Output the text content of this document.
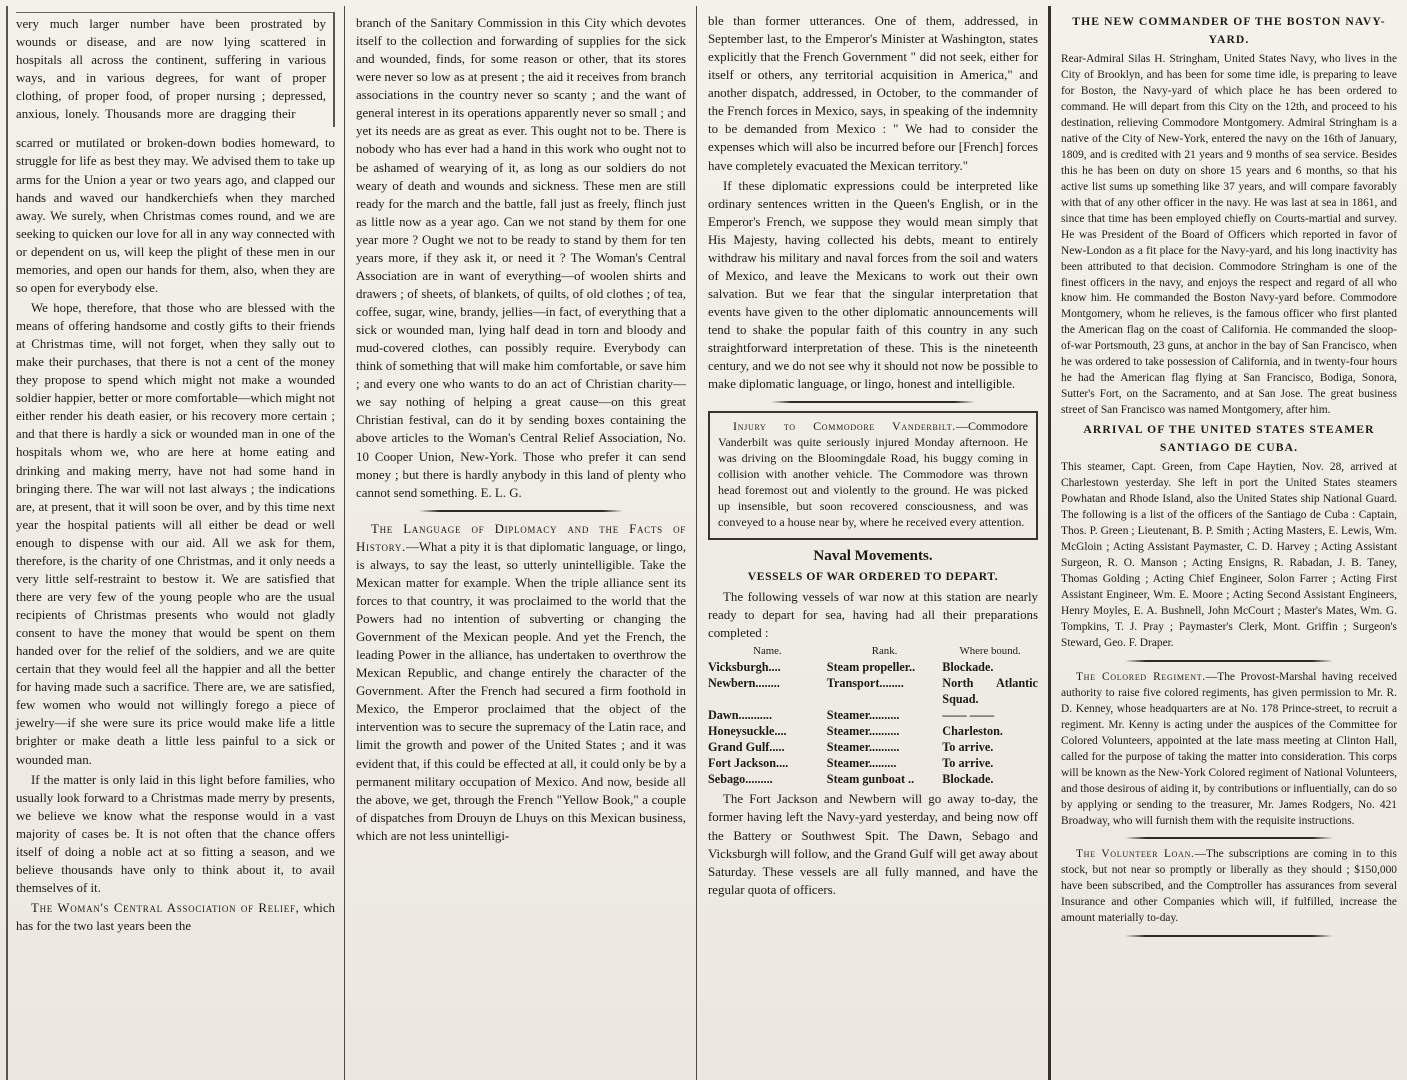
very much larger number have been prostrated by wounds or disease, and are now lying scattered in hospitals all across the continent, suffering in various ways, and in various degrees, for want of proper clothing, of proper food, of proper nursing ; depressed, anxious, lonely. Thousands more are dragging their

scarred or mutilated or broken-down bodies homeward, to struggle for life as best they may. We advised them to take up arms for the Union a year or two years ago, and clapped our hands and waved our handkerchiefs when they marched away. We surely, when Christmas comes round, and we are seeking to quicken our love for all in any way connected with or dependent on us, will keep the plight of these men in our memories, and open our hands for them, also, when they are so open for everybody else.

We hope, therefore, that those who are blessed with the means of offering handsome and costly gifts to their friends at Christmas time, will not forget, when they sally out to make their purchases, that there is not a cent of the money they propose to spend which might not make a wounded soldier happier, better or more comfortable—which might not either render his death easier, or his recovery more certain ; and that there is hardly a sick or wounded man in one of the hospitals whom we, who are here at home eating and drinking and making merry, have not had some hand in bringing there. The war will not last always ; the indications are, at present, that it will soon be over, and by this time next year the hospital patients will all either be dead or well enough to dispense with our aid. All we ask for them, therefore, is the charity of one Christmas, and it only needs a very little self-restraint to bestow it. We are satisfied that there are very few of the young people who are the usual recipients of Christmas presents who would not gladly consent to have the money that would be spent on them handed over for the relief of the soldiers, and we are quite certain that they would feel all the happier and all the better for having made such a sacrifice. There are, we are satisfied, few women who would not willingly forego a piece of jewelry—if she were sure its price would make life a little brighter or make death a little less painful to a sick or wounded man.

If the matter is only laid in this light before families, who usually look forward to a Christmas made merry by presents, we believe we know what the response would in a vast majority of cases be. It is not often that the chance offers itself of doing a noble act at so fitting a season, and we believe thousands have only to think about it, to avail themselves of it.

The Woman's Central Association of Relief, which has for the two last years been the

branch of the Sanitary Commission in this City which devotes itself to the collection and forwarding of supplies for the sick and wounded, finds, for some reason or other, that its stores were never so low as at present ; the aid it receives from branch associations in the country never so scanty ; and the want of general interest in its operations apparently never so small ; and yet its needs are as great as ever. This ought not to be. There is nobody who has ever had a hand in this work who ought not to be ashamed of wearying of it, as long as our soldiers do not weary of death and wounds and sickness. These men are still ready for the march and the battle, fall just as freely, flinch just as little now as a year ago. Can we not stand by them for one year more ? Ought we not to be ready to stand by them for ten years more, if they ask it, or need it ? The Woman's Central Association are in want of everything—of woolen shirts and drawers ; of sheets, of blankets, of quilts, of old clothes ; of tea, coffee, sugar, wine, brandy, jellies—in fact, of everything that a sick or wounded man, lying half dead in torn and bloody and mud-covered clothes, can possibly require. Everybody can think of something that will make him comfortable, or save him ; and every one who wants to do an act of Christian charity—we say nothing of helping a great cause—on this great Christian festival, can do it by sending boxes containing the above articles to the Woman's Central Relief Association, No. 10 Cooper Union, New-York. Those who prefer it can send money ; but there is hardly anybody in this land of plenty who cannot send something. E. L. G.

The Language of Diplomacy and the Facts of History.—What a pity it is that diplomatic language, or lingo, is always, to say the least, so utterly unintelligible. Take the Mexican matter for example. When the triple alliance sent its forces to that country, it was proclaimed to the world that the Powers had no intention of subverting or changing the Government of the Mexican people. And yet the French, the leading Power in the alliance, has undertaken to overthrow the Mexican Republic, and change entirely the character of the Government. After the French had secured a firm foothold in Mexico, the Emperor proclaimed that the object of the intervention was to secure the supremacy of the Latin race, and limit the growth and power of the United States ; and it was evident that, if this could be effected at all, it could only be by a permanent military occupation of Mexico. And now, beside all the above, we get, through the French "Yellow Book," a couple of dispatches from Drouyn de Lhuys on this Mexican business, which are not less unintelligi-

ble than former utterances. One of them, addressed, in September last, to the Emperor's Minister at Washington, states explicitly that the French Government " did not seek, either for itself or others, any territorial acquisition in America," and another dispatch, addressed, in October, to the commander of the French forces in Mexico, says, in speaking of the indemnity to be demanded from Mexico : " We had to consider the expenses which will also be incurred before our [French] forces have completely evacuated the Mexican territory."

If these diplomatic expressions could be interpreted like ordinary sentences written in the Queen's English, or in the Emperor's French, we suppose they would mean simply that His Majesty, having collected his debts, meant to entirely withdraw his military and naval forces from the soil and waters of Mexico, and leave the Mexicans to work out their own salvation. But we fear that the singular interpretation that events have given to the other diplomatic announcements will tend to shake the popular faith of this country in any such straightforward interpretation of these. This is the nineteenth century, and we do not see why it should not now be possible to make diplomatic language, or lingo, honest and intelligible.

Injury to Commodore Vanderbilt.—Commodore Vanderbilt was quite seriously injured Monday afternoon. He was driving on the Bloomingdale Road, his buggy coming in collision with another vehicle. The Commodore was thrown head foremost out and violently to the ground. He was picked up insensible, but soon recovered consciousness, and was conveyed to a house near by, where he received every attention.

Naval Movements.

VESSELS OF WAR ORDERED TO DEPART.

The following vessels of war now at this station are nearly ready to depart for sea, having had all their preparations completed :

Name.	Rank.	Where bound.
Vicksburgh....	Steam propeller..	Blockade.
Newbern........	Transport........	North Atlantic Squad.
Dawn...........	Steamer..........	—— ——
Honeysuckle....	Steamer..........	Charleston.
Grand Gulf.....	Steamer..........	To arrive.
Fort Jackson....	Steamer.........	To arrive.
Sebago.........	Steam gunboat ..	Blockade.

The Fort Jackson and Newbern will go away to-day, the former having left the Navy-yard yesterday, and being now off the Battery or Southwest Spit. The Dawn, Sebago and Vicksburgh will follow, and the Grand Gulf will get away about Saturday. These vessels are all fully manned, and have the regular quota of officers.

THE NEW COMMANDER OF THE BOSTON NAVY-YARD.

Rear-Admiral Silas H. Stringham, United States Navy, who lives in the City of Brooklyn, and has been for some time idle, is preparing to leave for Boston, the Navy-yard of which place he has been ordered to command. He will depart from this City on the 12th, and proceed to his destination, relieving Commodore Montgomery. Admiral Stringham is a native of the City of New-York, entered the navy on the 16th of January, 1809, and is credited with 21 years and 9 months of sea service. Besides this he has been on duty on shore 15 years and 6 months, so that his active list sums up something like 37 years, and will compare favorably with that of any other officer in the navy. He was last at sea in 1861, and since that time has been employed chiefly on Courts-martial and survey. He was President of the Board of Officers which reported in favor of New-London as a fit place for the Navy-yard, and his long inactivity has been attributed to that decision. Commodore Stringham is one of the finest officers in the navy, and enjoys the respect and regard of all who know him. He commanded the Boston Navy-yard before. Commodore Montgomery, whom he relieves, is the famous officer who first planted the American flag on the coast of California. He commanded the sloop-of-war Portsmouth, 23 guns, at anchor in the bay of San Francisco, when he was ordered to take possession of California, and in twenty-four hours he had the American flag flying at San Francisco, Bodiga, Sonora, Sutter's Fort, on the Sacramento, and at San Jose. The great business street of San Francisco was named Montgomery, after him.

ARRIVAL OF THE UNITED STATES STEAMER SANTIAGO DE CUBA.

This steamer, Capt. Green, from Cape Haytien, Nov. 28, arrived at Charlestown yesterday. She left in port the United States steamers Powhatan and Rhode Island, also the United States ship National Guard. The following is a list of the officers of the Santiago de Cuba : Captain, Thos. P. Green ; Lieutenant, B. P. Smith ; Acting Masters, E. Lewis, Wm. McGloin ; Acting Assistant Paymaster, C. D. Harvey ; Acting Assistant Surgeon, R. O. Manson ; Acting Ensigns, R. Rabadan, J. B. Taney, Thomas Golding ; Acting Chief Engineer, Solon Farrer ; Acting First Assistant Engineer, Wm. E. Moore ; Acting Second Assistant Engineers, Henry Moyles, E. A. Bushnell, John McCourt ; Master's Mates, Wm. G. Tompkins, T. J. Pray ; Paymaster's Clerk, Mont. Griffin ; Surgeon's Steward, Geo. F. Draper.

The Colored Regiment.—The Provost-Marshal having received authority to raise five colored regiments, has given permission to Mr. R. D. Kenney, whose headquarters are at No. 178 Prince-street, to recruit a regiment. Mr. Kenny is acting under the auspices of the Committee for Colored Volunteers, appointed at the late mass meeting at Clinton Hall, called for the purpose of taking the matter into consideration. This corps will be known as the New-York Colored regiment of National Volunteers, and those desirous of aiding it, by contributions or influentially, can do so by applying or sending to the treasurer, Mr. James Rodgers, No. 421 Broadway, who will furnish them with the requisite instructions.

The Volunteer Loan.—The subscriptions are coming in to this stock, but not near so promptly or liberally as they should ; $150,000 have been subscribed, and the Comptroller has assurances from several Insurance and other Companies which will, if fulfilled, increase the amount materially to-day.
